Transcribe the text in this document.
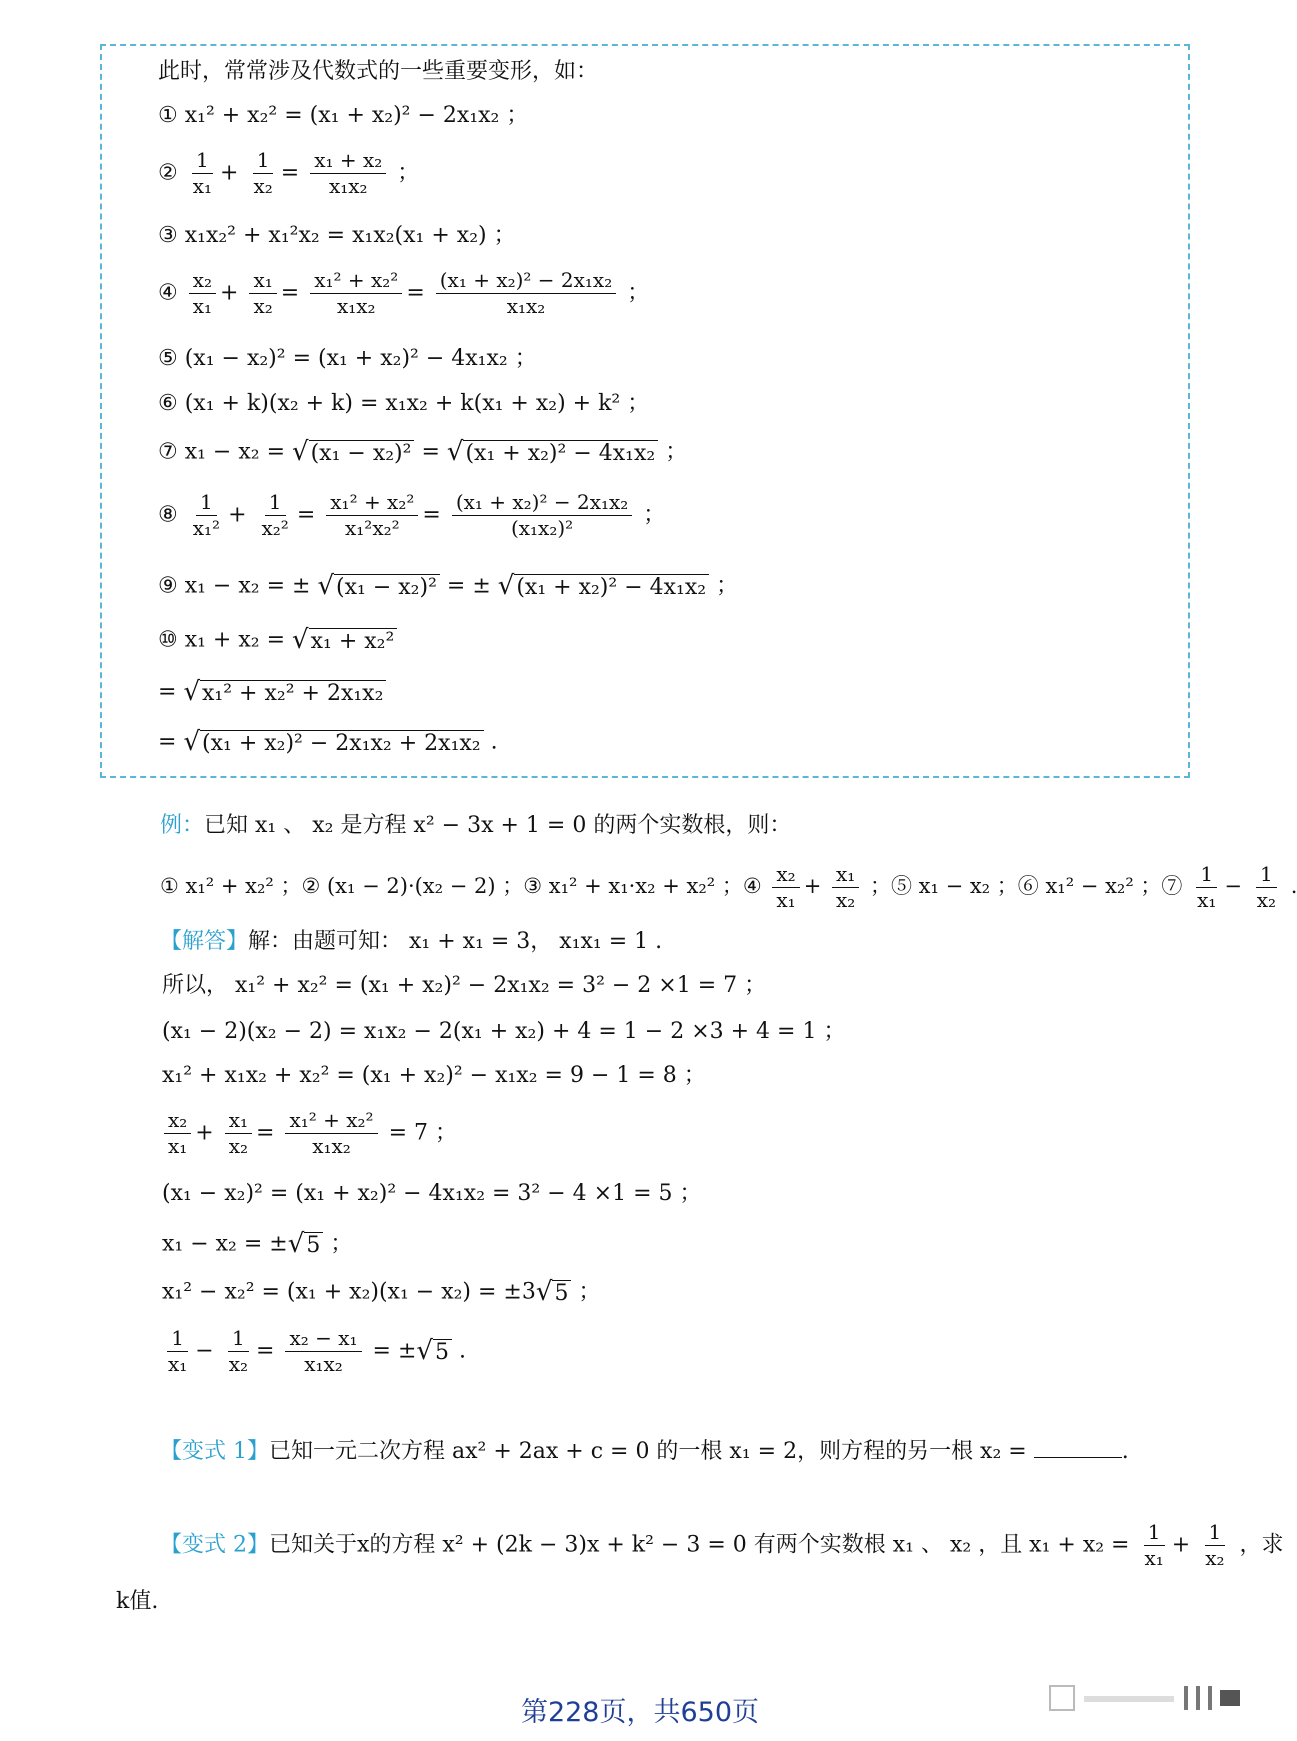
此时，常常涉及代数式的一些重要变形，如：
① x₁² + x₂² = (x₁ + x₂)² − 2x₁x₂ ；
② $\frac{1}{\text{x₁}} + \frac{1}{\text{x₂}} = \frac{\text{x₁ + x₂}}{\text{x₁x₂}}$ ；
③ x₁x₂² + x₁²x₂ = x₁x₂(x₁ + x₂) ；
④ $\frac{\text{x₂}}{\text{x₁}} + \frac{\text{x₁}}{\text{x₂}} = \frac{\text{x₁² + x₂²}}{\text{x₁x₂}} = \frac{\text{(x₁ + x₂)² − 2x₁x₂}}{\text{x₁x₂}}$ ；
⑤ (x₁ − x₂)² = (x₁ + x₂)² − 4x₁x₂ ；
⑥ (x₁ + k)(x₂ + k) = x₁x₂ + k(x₁ + x₂) + k² ；
⑦ x₁ − x₂ = √(x₁ − x₂)² = √(x₁ + x₂)² − 4x₁x₂ ；
⑧ $\frac{1}{\text{x₁²}} + \frac{1}{\text{x₂²}} = \frac{\text{x₁² + x₂²}}{\text{x₁²x₂²}} = \frac{\text{(x₁ + x₂)² − 2x₁x₂}}{\text{(x₁x₂)²}}$ ；
⑨ x₁ − x₂ = ± √(x₁ − x₂)² = ± √(x₁ + x₂)² − 4x₁x₂ ；
⑩ x₁ + x₂ = √x₁ + x₂²
= √x₁² + x₂² + 2x₁x₂
= √(x₁ + x₂)² − 2x₁x₂ + 2x₁x₂ .
例：已知 x₁ 、 x₂ 是方程 x² − 3x + 1 = 0 的两个实数根，则：
① x₁² + x₂² ；② (x₁ − 2)·(x₂ − 2) ；③ x₁² + x₁·x₂ + x₂² ；④ $\frac{\text{x₂}}{\text{x₁}} + \frac{\text{x₁}}{\text{x₂}}$ ；⑤ x₁ − x₂ ；⑥ x₁² − x₂² ；⑦ $\frac{1}{\text{x₁}} - \frac{1}{\text{x₂}}$ .
【解答】解：由题可知： x₁ + x₁ = 3， x₁x₁ = 1 .
所以， x₁² + x₂² = (x₁ + x₂)² − 2x₁x₂ = 3² − 2 ×1 = 7 ；
(x₁ − 2)(x₂ − 2) = x₁x₂ − 2(x₁ + x₂) + 4 = 1 − 2 ×3 + 4 = 1 ；
x₁² + x₁x₂ + x₂² = (x₁ + x₂)² − x₁x₂ = 9 − 1 = 8 ；
$\frac{\text{x₂}}{\text{x₁}} + \frac{\text{x₁}}{\text{x₂}} = \frac{\text{x₁² + x₂²}}{\text{x₁x₂}} = 7$ ；
(x₁ − x₂)² = (x₁ + x₂)² − 4x₁x₂ = 3² − 4 ×1 = 5 ；
x₁ − x₂ = ±√5 ；
x₁² − x₂² = (x₁ + x₂)(x₁ − x₂) = ±3√5 ；
$\frac{1}{\text{x₁}} - \frac{1}{\text{x₂}} = \frac{\text{x₂ − x₁}}{\text{x₁x₂}} = \pm√5$ .
【变式 1】已知一元二次方程 ax² + 2ax + c = 0 的一根 x₁ = 2，则方程的另一根 x₂ =	.
【变式 2】已知关于x的方程 x² + (2k − 3)x + k² − 3 = 0 有两个实数根 x₁ 、 x₂ ，且 $x_1 + x_2 = \frac{1}{\text{x₁}} + \frac{1}{\text{x₂}}$ ，求
k值.
第228页，共650页
